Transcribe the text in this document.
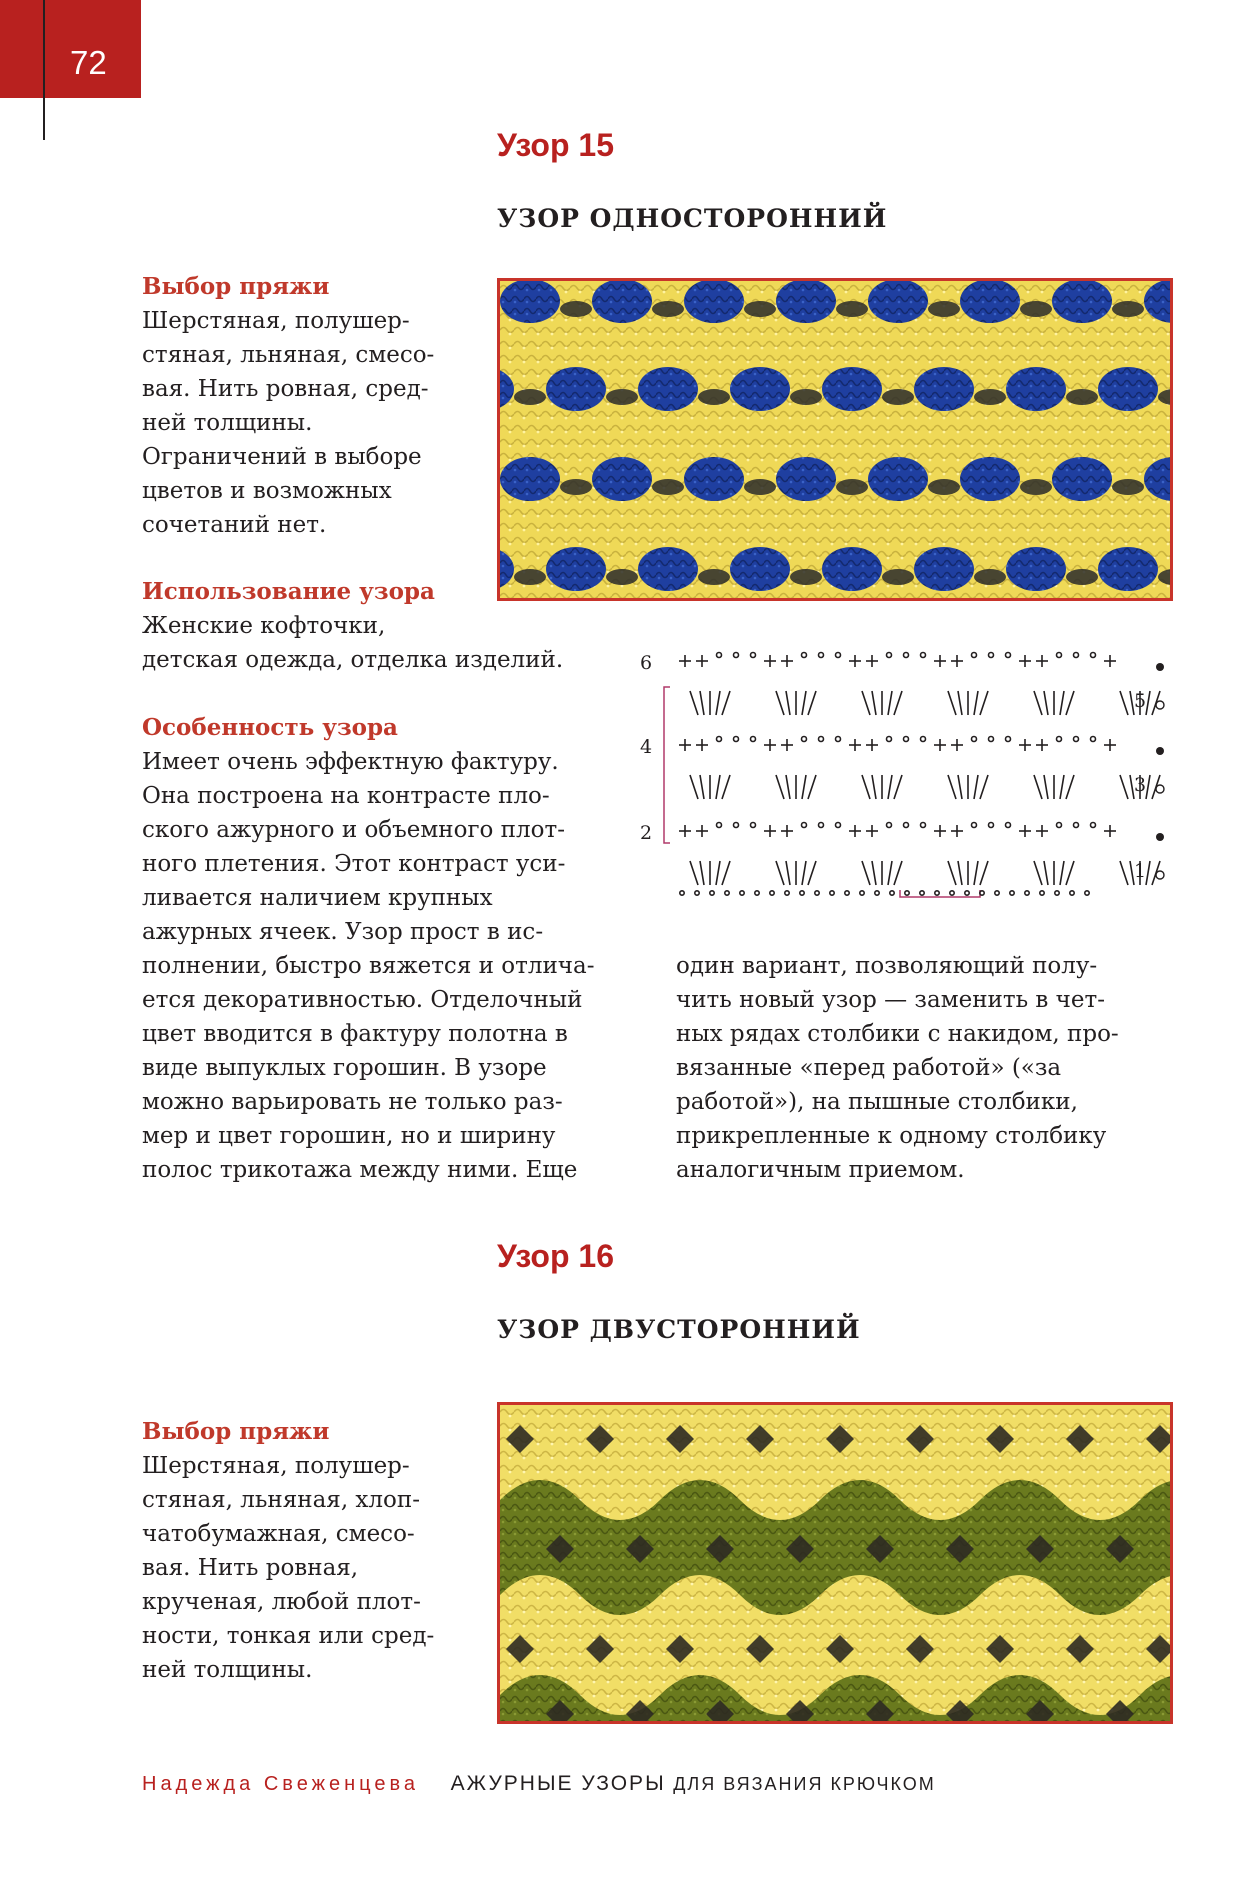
72
Узор 15
УЗОР ОДНОСТОРОННИЙ

Выбор пряжи

Шерстяная, полушер-

стяная, льняная, смесо-

вая. Нить ровная, сред-

ней толщины.

Ограничений в выборе

цветов и возможных

сочетаний нет.

Использование узора

Женские кофточки,

детская одежда, отделка изделий.

Особенность узора

Имеет очень эффектную фактуру.

Она построена на контрасте пло-

ского ажурного и объемного плот-

ного плетения. Этот контраст уси-

ливается наличием крупных

ажурных ячеек. Узор прост в ис-

полнении, быстро вяжется и отлича-

ется декоративностью. Отделочный

цвет вводится в фактуру полотна в

виде выпуклых горошин. В узоре

можно варьировать не только раз-

мер и цвет горошин, но и ширину

полос трикотажа между ними. Еще

один вариант, позволяющий полу-

чить новый узор — заменить в чет-

ных рядах столбики с накидом, про-

вязанные «перед работой» («за

работой»), на пышные столбики,

прикрепленные к одному столбику

аналогичным приемом.

6
4
2
5
3
1
Узор 16
УЗОР ДВУСТОРОННИЙ

Выбор пряжи

Шерстяная, полушер-

стяная, льняная, хлоп-

чатобумажная, смесо-

вая. Нить ровная,

крученая, любой плот-

ности, тонкая или сред-

ней толщины.

Надежда Свеженцева АЖУРНЫЕ УЗОРЫ ДЛЯ ВЯЗАНИЯ КРЮЧКОМ
